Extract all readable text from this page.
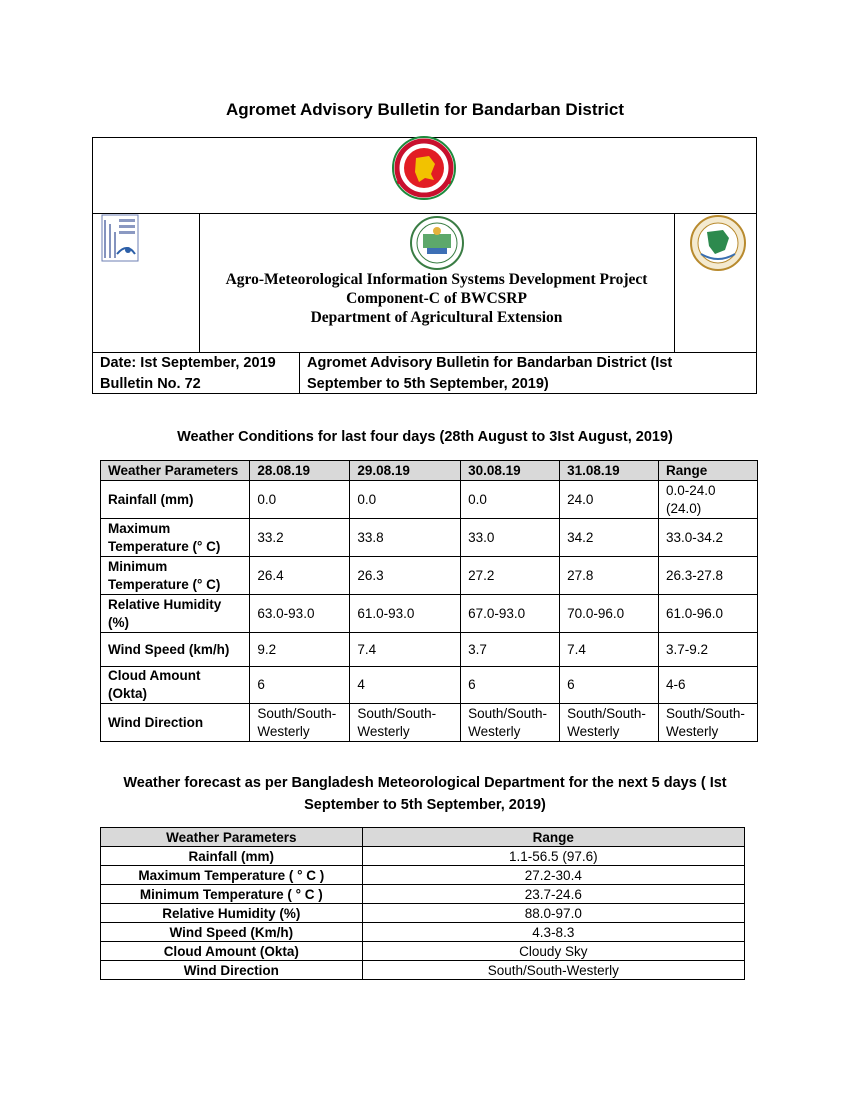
Agromet Advisory Bulletin for Bandarban District
Agro-Meteorological Information Systems Development Project
Component-C of BWCSRP
Department of Agricultural Extension
Date: Ist September, 2019
Bulletin No. 72
Agromet Advisory Bulletin for Bandarban District (Ist
September to 5th September, 2019)
Weather Conditions for last four days (28th August to 3Ist August, 2019)
Weather Parameters	28.08.19	29.08.19	30.08.19	31.08.19	Range
Rainfall (mm)	0.0	0.0	0.0	24.0	0.0-24.0 (24.0)
Maximum Temperature (° C)	33.2	33.8	33.0	34.2	33.0-34.2
Minimum Temperature (° C)	26.4	26.3	27.2	27.8	26.3-27.8
Relative Humidity (%)	63.0-93.0	61.0-93.0	67.0-93.0	70.0-96.0	61.0-96.0
Wind Speed (km/h)	9.2	7.4	3.7	7.4	3.7-9.2
Cloud Amount (Okta)	6	4	6	6	4-6
Wind Direction	South/South-Westerly	South/South-Westerly	South/South-Westerly	South/South-Westerly	South/South-Westerly
Weather forecast as per Bangladesh Meteorological Department for the next 5 days ( Ist
September to 5th September, 2019)
Weather Parameters	Range
Rainfall (mm)	1.1-56.5 (97.6)
Maximum Temperature ( ° C )	27.2-30.4
Minimum Temperature ( ° C )	23.7-24.6
Relative Humidity (%)	88.0-97.0
Wind Speed (Km/h)	4.3-8.3
Cloud Amount (Okta)	Cloudy Sky
Wind Direction	South/South-Westerly
